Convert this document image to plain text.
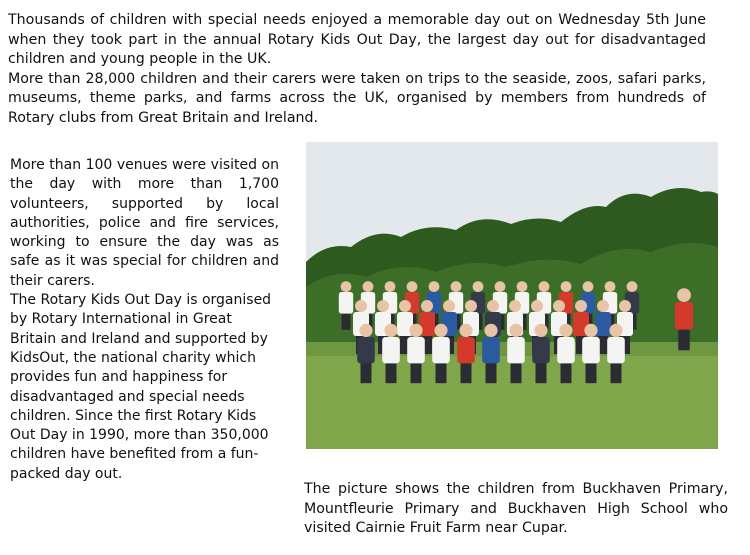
Thousands of children with special needs enjoyed a memorable day out on Wednesday 5th June when they took part in the annual Rotary Kids Out Day, the largest day out for disadvantaged children and young people in the UK.

More than 28,000 children and their carers were taken on trips to the seaside, zoos, safari parks, museums, theme parks, and farms across the UK, organised by members from hundreds of Rotary clubs from Great Britain and Ireland.

More than 100 venues were visited on the day with more than 1,700 volunteers, supported by local authorities, police and fire services, working to ensure the day was as safe as it was special for children and their carers.

The Rotary Kids Out Day is organised by Rotary International in Great Britain and Ireland and supported by KidsOut, the national charity which provides fun and happiness for disadvantaged and special needs children. Since the first Rotary Kids Out Day in 1990, more than 350,000 children have benefited from a fun-packed day out.

The picture shows the children from Buckhaven Primary, Mountfleurie Primary and Buckhaven High School who visited Cairnie Fruit Farm near Cupar.
